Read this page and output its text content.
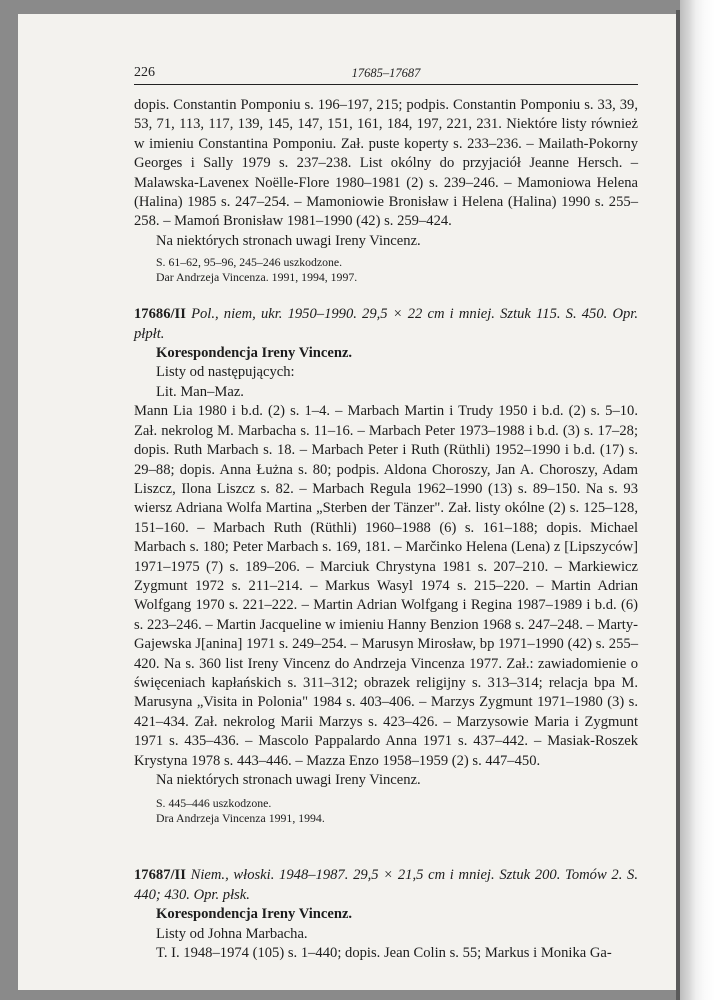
226	17685–17687

dopis. Constantin Pomponiu s. 196–197, 215; podpis. Constantin Pomponiu s. 33, 39, 53, 71, 113, 117, 139, 145, 147, 151, 161, 184, 197, 221, 231. Niektóre listy również w imieniu Constantina Pomponiu. Zał. puste koperty s. 233–236. – Mailath-Pokorny Georges i Sally 1979 s. 237–238. List okólny do przyjaciół Jeanne Hersch. – Malawska-Lavenex Noëlle-Flore 1980–1981 (2) s. 239–246. – Mamoniowa Helena (Halina) 1985 s. 247–254. – Mamoniowie Bronisław i Helena (Halina) 1990 s. 255–258. – Mamoń Bronisław 1981–1990 (42) s. 259–424.

Na niektórych stronach uwagi Ireny Vincenz.

S. 61–62, 95–96, 245–246 uszkodzone.

Dar Andrzeja Vincenza. 1991, 1994, 1997.

17686/II Pol., niem, ukr. 1950–1990. 29,5 × 22 cm i mniej. Sztuk 115. S. 450. Opr. płpłt.

Korespondencja Ireny Vincenz.

Listy od następujących:

Lit. Man–Maz.

Mann Lia 1980 i b.d. (2) s. 1–4. – Marbach Martin i Trudy 1950 i b.d. (2) s. 5–10. Zał. nekrolog M. Marbacha s. 11–16. – Marbach Peter 1973–1988 i b.d. (3) s. 17–28; dopis. Ruth Marbach s. 18. – Marbach Peter i Ruth (Rüthli) 1952–1990 i b.d. (17) s. 29–88; dopis. Anna Łużna s. 80; podpis. Aldona Choroszy, Jan A. Choroszy, Adam Liszcz, Ilona Liszcz s. 82. – Marbach Regula 1962–1990 (13) s. 89–150. Na s. 93 wiersz Adriana Wolfa Martina „Sterben der Tänzer". Zał. listy okólne (2) s. 125–128, 151–160. – Marbach Ruth (Rüthli) 1960–1988 (6) s. 161–188; dopis. Michael Marbach s. 180; Peter Marbach s. 169, 181. – Marčinko Helena (Lena) z [Lipszyców] 1971–1975 (7) s. 189–206. – Marciuk Chrystyna 1981 s. 207–210. – Markiewicz Zygmunt 1972 s. 211–214. – Markus Wasyl 1974 s. 215–220. – Martin Adrian Wolfgang 1970 s. 221–222. – Martin Adrian Wolfgang i Regina 1987–1989 i b.d. (6) s. 223–246. – Martin Jacqueline w imieniu Hanny Benzion 1968 s. 247–248. – Marty-Gajewska J[anina] 1971 s. 249–254. – Marusyn Mirosław, bp 1971–1990 (42) s. 255–420. Na s. 360 list Ireny Vincenz do Andrzeja Vincenza 1977. Zał.: zawiadomienie o święceniach kapłańskich s. 311–312; obrazek religijny s. 313–314; relacja bpa M. Marusyna „Visita in Polonia" 1984 s. 403–406. – Marzys Zygmunt 1971–1980 (3) s. 421–434. Zał. nekrolog Marii Marzys s. 423–426. – Marzysowie Maria i Zygmunt 1971 s. 435–436. – Mascolo Pappalardo Anna 1971 s. 437–442. – Masiak-Roszek Krystyna 1978 s. 443–446. – Mazza Enzo 1958–1959 (2) s. 447–450.

Na niektórych stronach uwagi Ireny Vincenz.

S. 445–446 uszkodzone.

Dra Andrzeja Vincenza 1991, 1994.

17687/II Niem., włoski. 1948–1987. 29,5 × 21,5 cm i mniej. Sztuk 200. Tomów 2. S. 440; 430. Opr. płsk.

Korespondencja Ireny Vincenz.

Listy od Johna Marbacha.

T. I. 1948–1974 (105) s. 1–440; dopis. Jean Colin s. 55; Markus i Monika Ga-
